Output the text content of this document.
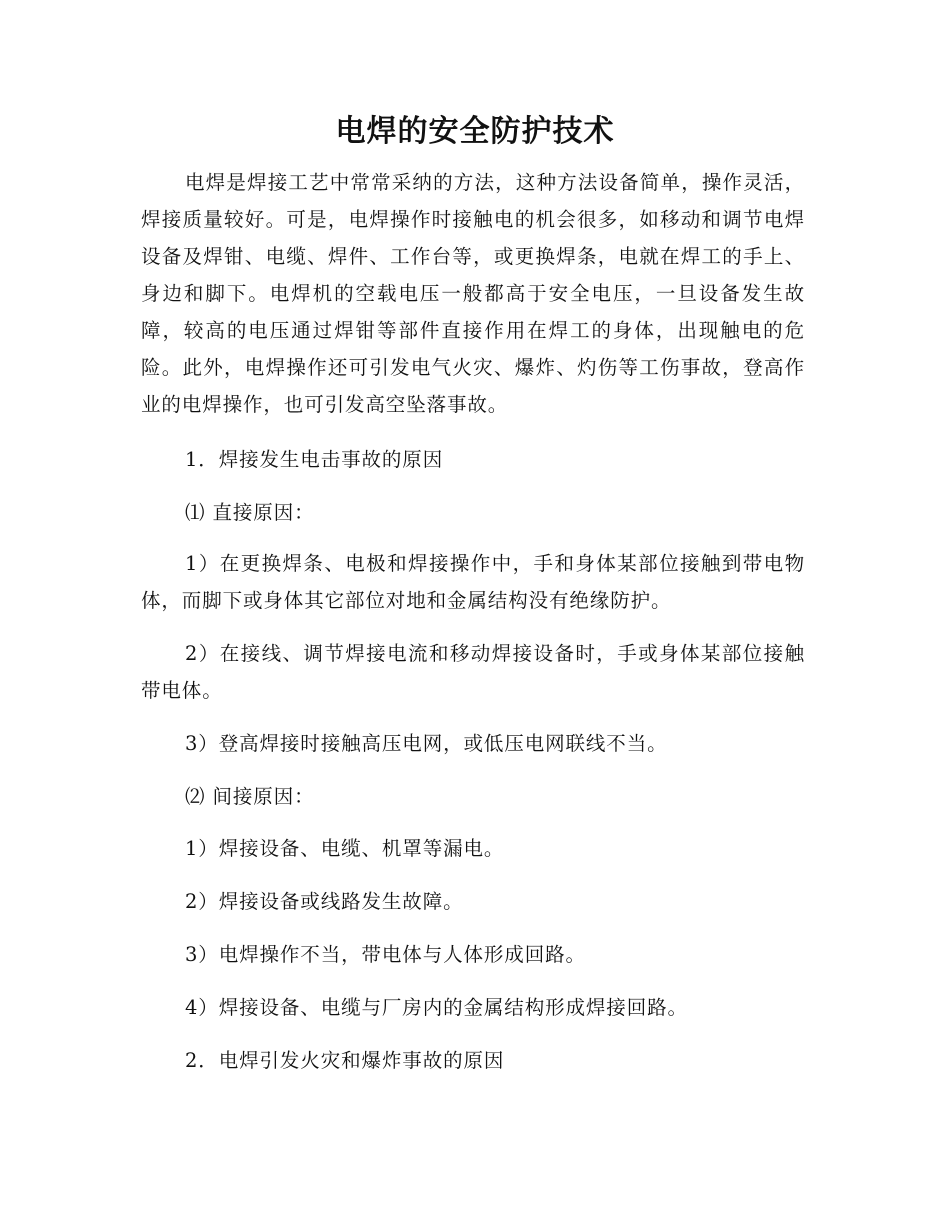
电焊的安全防护技术

电焊是焊接工艺中常常采纳的方法，这种方法设备简单，操作灵活，焊接质量较好。可是，电焊操作时接触电的机会很多，如移动和调节电焊设备及焊钳、电缆、焊件、工作台等，或更换焊条，电就在焊工的手上、身边和脚下。电焊机的空载电压一般都高于安全电压，一旦设备发生故障，较高的电压通过焊钳等部件直接作用在焊工的身体，出现触电的危险。此外，电焊操作还可引发电气火灾、爆炸、灼伤等工伤事故，登高作业的电焊操作，也可引发高空坠落事故。

1．焊接发生电击事故的原因

⑴ 直接原因：

1）在更换焊条、电极和焊接操作中，手和身体某部位接触到带电物体，而脚下或身体其它部位对地和金属结构没有绝缘防护。

2）在接线、调节焊接电流和移动焊接设备时，手或身体某部位接触带电体。

3）登高焊接时接触高压电网，或低压电网联线不当。

⑵ 间接原因：

1）焊接设备、电缆、机罩等漏电。

2）焊接设备或线路发生故障。

3）电焊操作不当，带电体与人体形成回路。

4）焊接设备、电缆与厂房内的金属结构形成焊接回路。

2．电焊引发火灾和爆炸事故的原因
